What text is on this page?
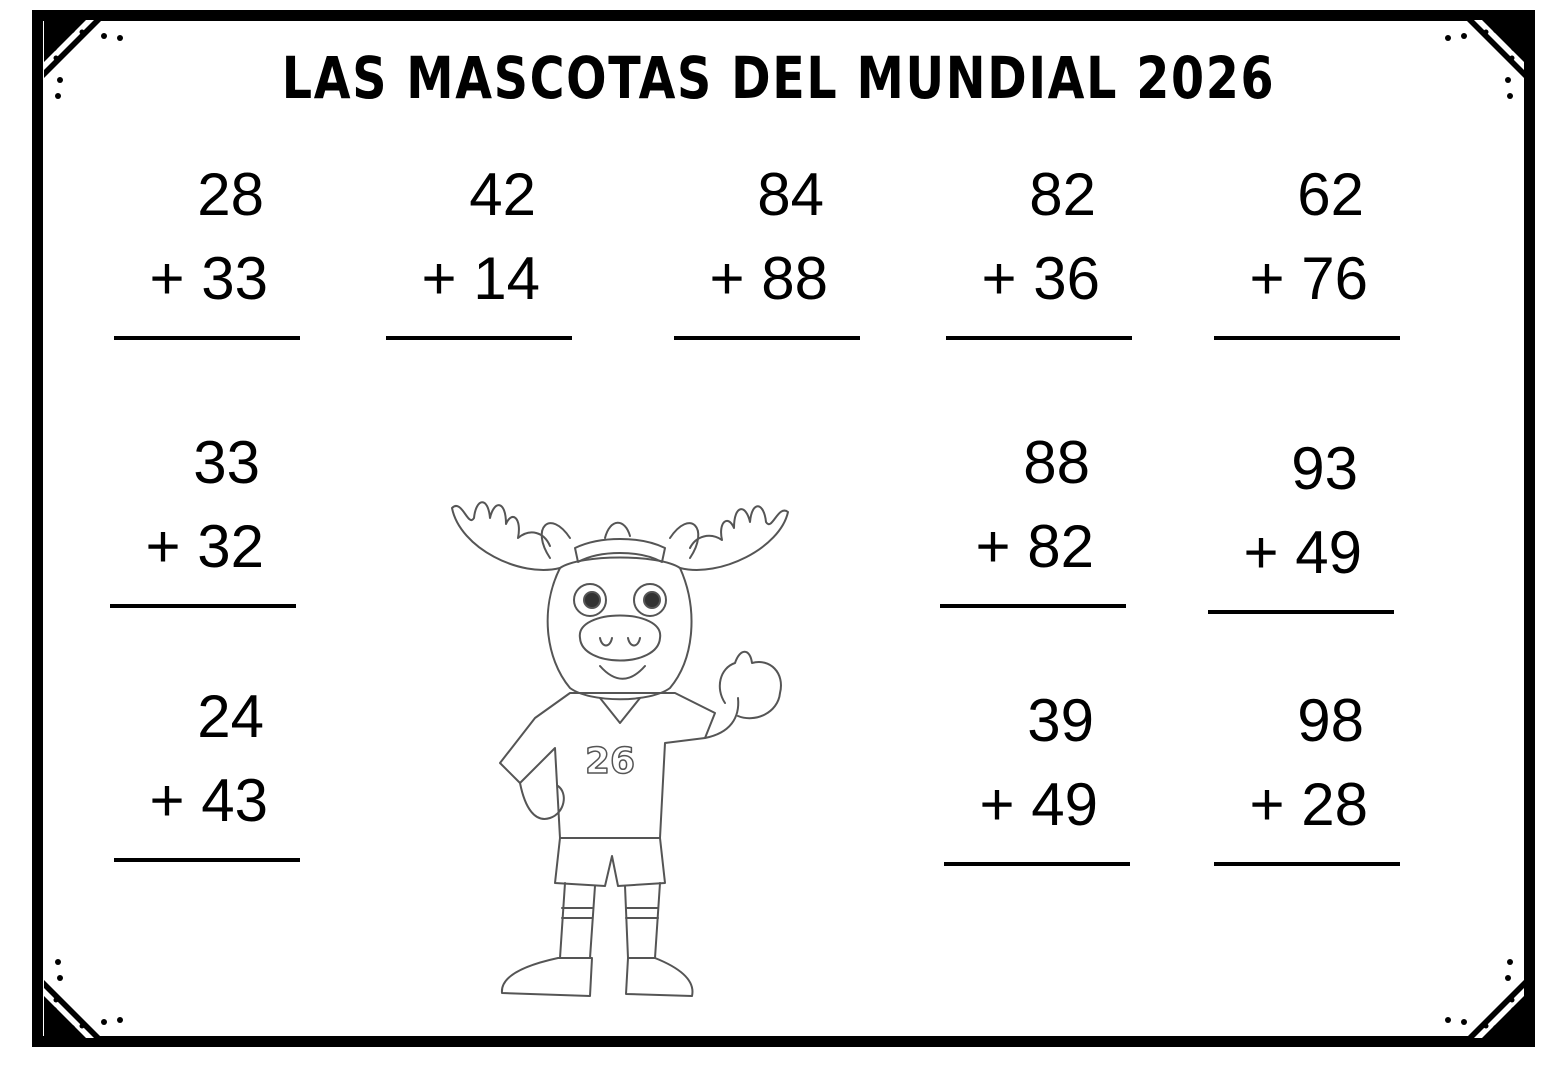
LAS MASCOTAS DEL MUNDIAL 2026
28
+ 33
42
+ 14
84
+ 88
82
+ 36
62
+ 76
33
+ 32
88
+ 82
93
+ 49
24
+ 43
39
+ 49
98
+ 28
26
